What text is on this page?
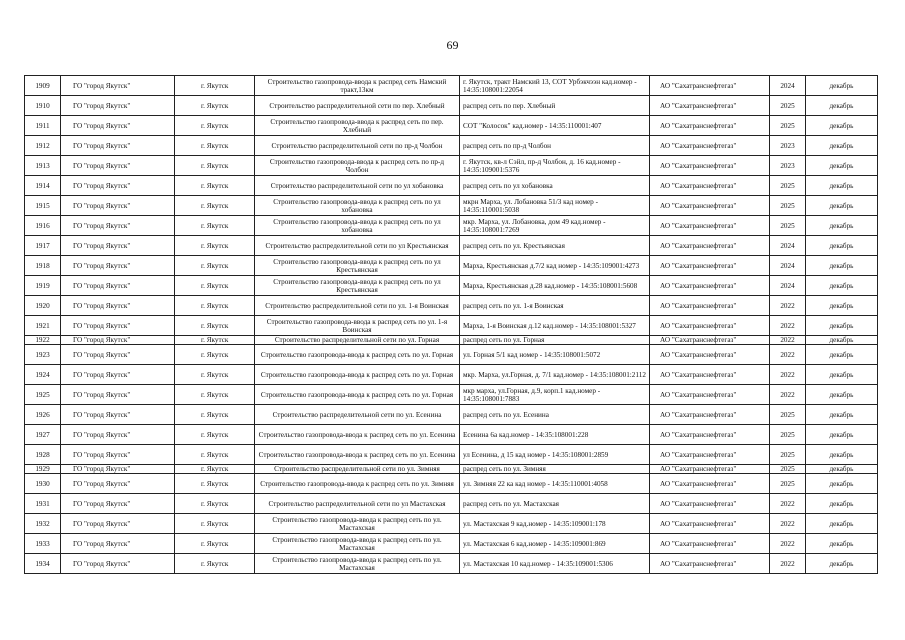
69
1909	ГО "город Якутск"	г. Якутск	Строительство газопровода-ввода к распред сеть Намский тракт,13км	г. Якутск, тракт Намский 13, СОТ Урбэкчээн кад.номер - 14:35:108001:22054	АО "Сахатранснефтегаз"	2024	декабрь
1910	ГО "город Якутск"	г. Якутск	Строительство распределительной сети по пер. Хлебный	распред сеть по пер. Хлебный	АО "Сахатранснефтегаз"	2025	декабрь
1911	ГО "город Якутск"	г. Якутск	Строительство газопровода-ввода к распред сеть по пер. Хлебный	СОТ "Колосок" кад.номер - 14:35:110001:407	АО "Сахатранснефтегаз"	2025	декабрь
1912	ГО "город Якутск"	г. Якутск	Строительство распределительной сети по пр-д Чолбон	распред сеть по пр-д Чолбон	АО "Сахатранснефтегаз"	2023	декабрь
1913	ГО "город Якутск"	г. Якутск	Строительство газопровода-ввода к распред сеть по пр-д Чолбон	г. Якутск, кв-л Сэйл, пр-д Чолбон, д. 16 кад.номер - 14:35:109001:5376	АО "Сахатранснефтегаз"	2023	декабрь
1914	ГО "город Якутск"	г. Якутск	Строительство распределительной сети по ул хобановка	распред сеть по ул хобановка	АО "Сахатранснефтегаз"	2025	декабрь
1915	ГО "город Якутск"	г. Якутск	Строительство газопровода-ввода к распред сеть по ул хобановка	мкрн Марха, ул. Лобановка 51/3 кад номер - 14:35:110001:5038	АО "Сахатранснефтегаз"	2025	декабрь
1916	ГО "город Якутск"	г. Якутск	Строительство газопровода-ввода к распред сеть по ул хобановка	мкр. Марха, ул. Лобановка, дом 49 кад.номер - 14:35:108001:7269	АО "Сахатранснефтегаз"	2025	декабрь
1917	ГО "город Якутск"	г. Якутск	Строительство распределительной сети по ул Крестьянская	распред сеть по ул. Крестьянская	АО "Сахатранснефтегаз"	2024	декабрь
1918	ГО "город Якутск"	г. Якутск	Строительство газопровода-ввода к распред сеть по ул Крестьянская	Марха, Крестьянская д.7/2 кад номер - 14:35:109001:4273	АО "Сахатранснефтегаз"	2024	декабрь
1919	ГО "город Якутск"	г. Якутск	Строительство газопровода-ввода к распред сеть по ул Крестьянская	Марха, Крестьянская д.28 кад.номер - 14:35:108001:5608	АО "Сахатранснефтегаз"	2024	декабрь
1920	ГО "город Якутск"	г. Якутск	Строительство распределительной сети по ул. 1-я Воинская	распред сеть по ул. 1-я Воинская	АО "Сахатранснефтегаз"	2022	декабрь
1921	ГО "город Якутск"	г. Якутск	Строительство газопровода-ввода к распред сеть по ул. 1-я Воинская	Марха, 1-я Воинская д.12 кад.номер - 14:35:108001:5327	АО "Сахатранснефтегаз"	2022	декабрь
1922	ГО "город Якутск"	г. Якутск	Строительство распределительной сети по ул. Горная	распред сеть по ул. Горная	АО "Сахатранснефтегаз"	2022	декабрь
1923	ГО "город Якутск"	г. Якутск	Строительство газопровода-ввода к распред сеть по ул. Горная	ул. Горная 5/1 кад номер - 14:35:108001:5072	АО "Сахатранснефтегаз"	2022	декабрь
1924	ГО "город Якутск"	г. Якутск	Строительство газопровода-ввода к распред сеть по ул. Горная	мкр. Марха, ул.Горная, д. 7/1 кад.номер - 14:35:108001:2112	АО "Сахатранснефтегаз"	2022	декабрь
1925	ГО "город Якутск"	г. Якутск	Строительство газопровода-ввода к распред сеть по ул. Горная	мкр марха, ул.Горная, д.9, корп.1 кад.номер - 14:35:108001:7883	АО "Сахатранснефтегаз"	2022	декабрь
1926	ГО "город Якутск"	г. Якутск	Строительство распределительной сети по ул. Есенина	распред сеть по ул. Есенина	АО "Сахатранснефтегаз"	2025	декабрь
1927	ГО "город Якутск"	г. Якутск	Строительство газопровода-ввода к распред сеть по ул. Есенина	Есенина 6а кад.номер - 14:35:108001:228	АО "Сахатранснефтегаз"	2025	декабрь
1928	ГО "город Якутск"	г. Якутск	Строительство газопровода-ввода к распред сеть по ул. Есенина	ул Есенина, д 15 кад номер - 14:35:108001:2859	АО "Сахатранснефтегаз"	2025	декабрь
1929	ГО "город Якутск"	г. Якутск	Строительство распределительной сети по ул. Зимняя	распред сеть по ул. Зимняя	АО "Сахатранснефтегаз"	2025	декабрь
1930	ГО "город Якутск"	г. Якутск	Строительство газопровода-ввода к распред сеть по ул. Зимняя	ул. Зимняя 22 ка кад номер - 14:35:110001:4058	АО "Сахатранснефтегаз"	2025	декабрь
1931	ГО "город Якутск"	г. Якутск	Строительство распределительной сети по ул Мастахская	распред сеть по ул. Мастахская	АО "Сахатранснефтегаз"	2022	декабрь
1932	ГО "город Якутск"	г. Якутск	Строительство газопровода-ввода к распред сеть по ул. Мастахская	ул. Мастахская 9 кад.номер - 14:35:109001:178	АО "Сахатранснефтегаз"	2022	декабрь
1933	ГО "город Якутск"	г. Якутск	Строительство газопровода-ввода к распред сеть по ул. Мастахская	ул. Мастахская 6 кад.номер - 14:35:109001:869	АО "Сахатранснефтегаз"	2022	декабрь
1934	ГО "город Якутск"	г. Якутск	Строительство газопровода-ввода к распред сеть по ул. Мастахская	ул. Мастахская 10 кад.номер - 14:35:109001:5306	АО "Сахатранснефтегаз"	2022	декабрь
